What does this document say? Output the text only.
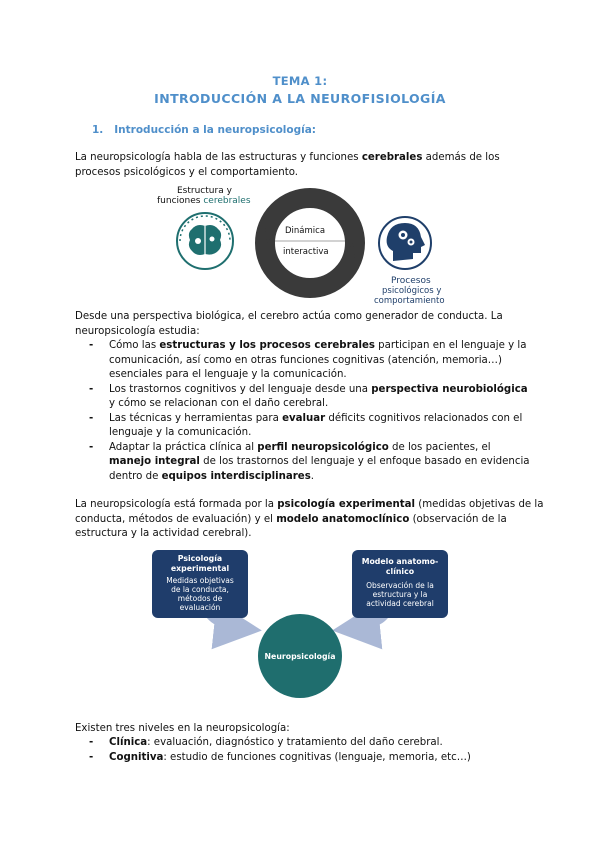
TEMA 1:
INTRODUCCIÓN A LA NEUROFISIOLOGÍA
1. Introducción a la neuropsicología:
La neuropsicología habla de las estructuras y funciones cerebrales además de los procesos psicológicos y el comportamiento.
Dinámica
interactiva
Estructura y
funciones cerebrales
Procesos
psicológicos y
comportamiento
Desde una perspectiva biológica, el cerebro actúa como generador de conducta. La neuropsicología estudia:
- Cómo las estructuras y los procesos cerebrales participan en el lenguaje y la comunicación, así como en otras funciones cognitivas (atención, memoria…) esenciales para el lenguaje y la comunicación.
- Los trastornos cognitivos y del lenguaje desde una perspectiva neurobiológica y cómo se relacionan con el daño cerebral.
- Las técnicas y herramientas para evaluar déficits cognitivos relacionados con el lenguaje y la comunicación.
- Adaptar la práctica clínica al perfil neuropsicológico de los pacientes, el manejo integral de los trastornos del lenguaje y el enfoque basado en evidencia dentro de equipos interdisciplinares.
La neuropsicología está formada por la psicología experimental (medidas objetivas de la conducta, métodos de evaluación) y el modelo anatomoclínico (observación de la estructura y la actividad cerebral).
Psicología
experimental
Medidas objetivas
de la conducta,
métodos de
evaluación
Modelo anatomo-
clínico
Observación de la
estructura y la
actividad cerebral
Neuropsicología
Existen tres niveles en la neuropsicología:
- Clínica: evaluación, diagnóstico y tratamiento del daño cerebral.
- Cognitiva: estudio de funciones cognitivas (lenguaje, memoria, etc…)
